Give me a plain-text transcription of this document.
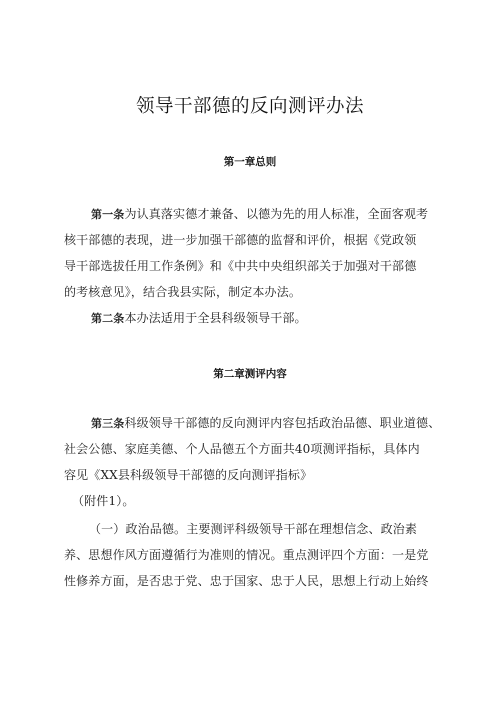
领导干部德的反向测评办法
第一章总则
第一条为认真落实德才兼备、以德为先的用人标准，全面客观考
核干部德的表现，进一步加强干部德的监督和评价，根据《党政领
导干部选拔任用工作条例》和《中共中央组织部关于加强对干部德
的考核意见》，结合我县实际，制定本办法。
第二条本办法适用于全县科级领导干部。
第二章测评内容
第三条科级领导干部德的反向测评内容包括政治品德、职业道德、
社会公德、家庭美德、个人品德五个方面共40项测评指标，具体内
容见《XX县科级领导干部德的反向测评指标》
（附件1）。
（一）政治品德。主要测评科级领导干部在理想信念、政治素
养、思想作风方面遵循行为准则的情况。重点测评四个方面：一是党
性修养方面，是否忠于党、忠于国家、忠于人民，思想上行动上始终
